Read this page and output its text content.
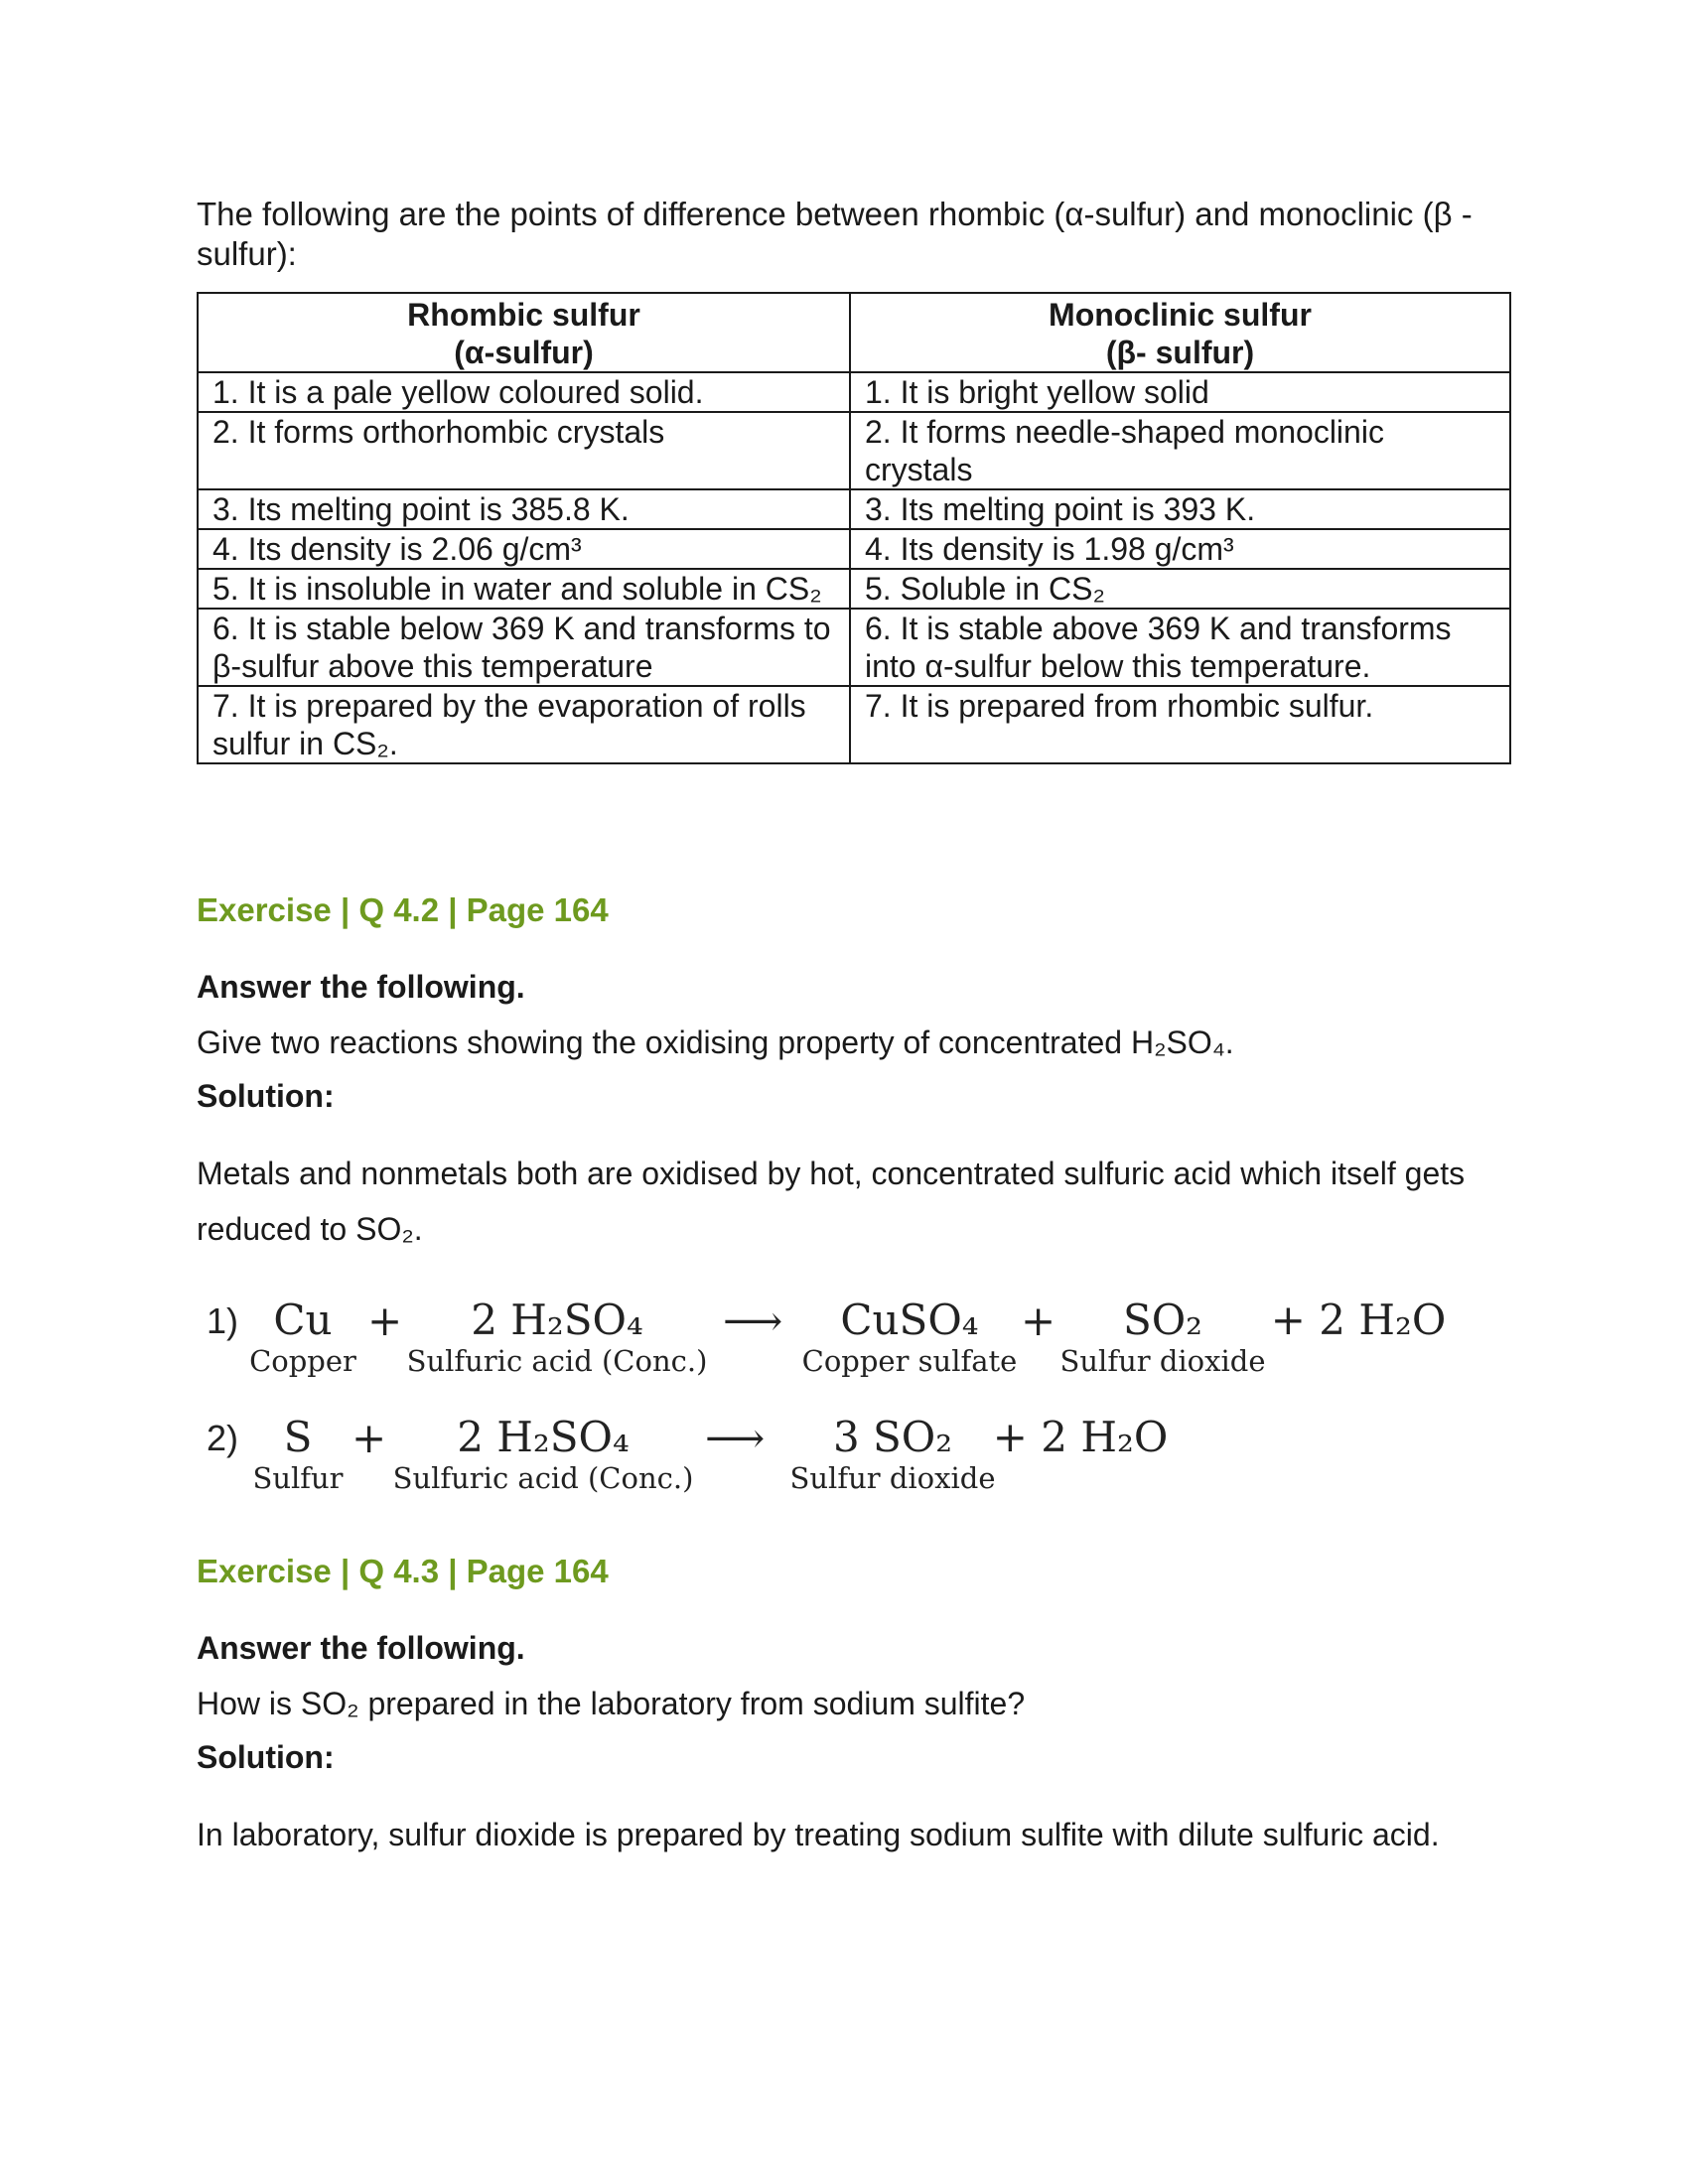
The following are the points of difference between rhombic (α-sulfur) and monoclinic (β - sulfur):

Rhombic sulfur
(α-sulfur)	Monoclinic sulfur
(β- sulfur)
1. It is a pale yellow coloured solid.	1. It is bright yellow solid
2. It forms orthorhombic crystals	2. It forms needle-shaped monoclinic crystals
3. Its melting point is 385.8 K.	3. Its melting point is 393 K.
4. Its density is 2.06 g/cm³	4. Its density is 1.98 g/cm³
5. It is insoluble in water and soluble in CS₂	5. Soluble in CS₂
6. It is stable below 369 K and transforms to β-sulfur above this temperature	6. It is stable above 369 K and transforms into α-sulfur below this temperature.
7. It is prepared by the evaporation of rolls sulfur in CS₂.	7. It is prepared from rhombic sulfur.
Exercise | Q 4.2 | Page 164
Answer the following.
Give two reactions showing the oxidising property of concentrated H₂SO₄.
Solution:
Metals and nonmetals both are oxidised by hot, concentrated sulfuric acid which itself gets reduced to SO₂.
1) Cu
Copper
+	2 H₂SO₄
Sulfuric acid (Conc.)
⟶	CuSO₄
Copper sulfate
+	SO₂
Sulfur dioxide
+ 2 H₂O
2)	S
Sulfur
+	2 H₂SO₄
Sulfuric acid (Conc.)
⟶	3 SO₂
Sulfur dioxide
+ 2 H₂O
Exercise | Q 4.3 | Page 164
Answer the following.
How is SO₂ prepared in the laboratory from sodium sulfite?
Solution:
In laboratory, sulfur dioxide is prepared by treating sodium sulfite with dilute sulfuric acid.
